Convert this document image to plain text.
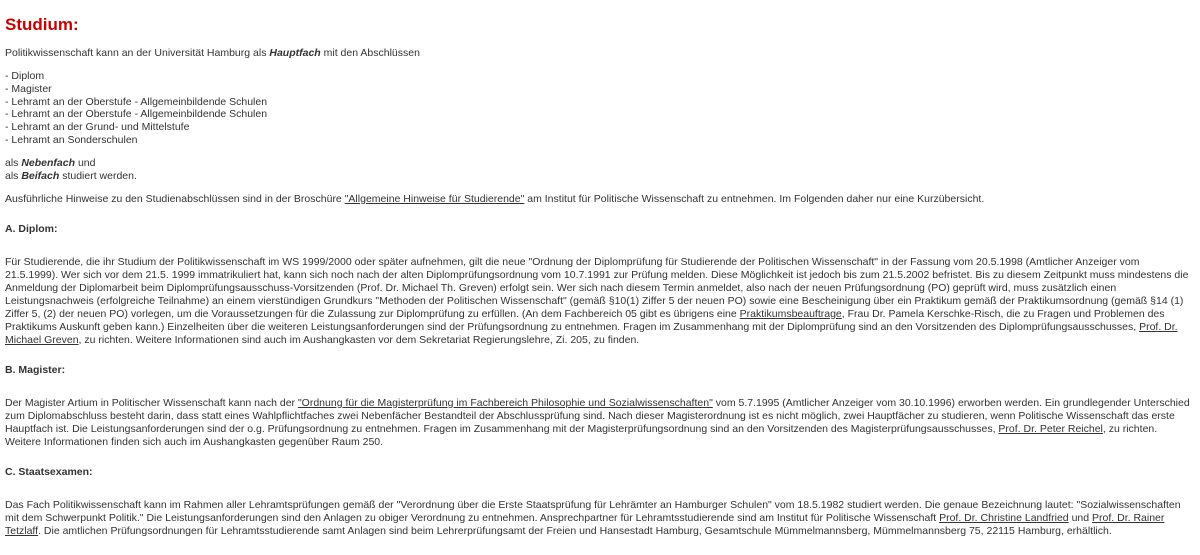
Studium:

Politikwissenschaft kann an der Universität Hamburg als Hauptfach mit den Abschlüssen

- Diplom
- Magister
- Lehramt an der Oberstufe - Allgemeinbildende Schulen
- Lehramt an der Oberstufe - Allgemeinbildende Schulen
- Lehramt an der Grund- und Mittelstufe
- Lehramt an Sonderschulen

als Nebenfach und
als Beifach studiert werden.

Ausführliche Hinweise zu den Studienabschlüssen sind in der Broschüre "Allgemeine Hinweise für Studierende" am Institut für Politische Wissenschaft zu entnehmen. Im Folgenden daher nur eine Kurzübersicht.

A. Diplom:

Für Studierende, die ihr Studium der Politikwissenschaft im WS 1999/2000 oder später aufnehmen, gilt die neue "Ordnung der Diplomprüfung für Studierende der Politischen Wissenschaft" in der Fassung vom 20.5.1998 (Amtlicher Anzeiger vom 21.5.1999). Wer sich vor dem 21.5. 1999 immatrikuliert hat, kann sich noch nach der alten Diplomprüfungsordnung vom 10.7.1991 zur Prüfung melden. Diese Möglichkeit ist jedoch bis zum 21.5.2002 befristet. Bis zu diesem Zeitpunkt muss mindestens die Anmeldung der Diplomarbeit beim Diplomprüfungsausschuss-Vorsitzenden (Prof. Dr. Michael Th. Greven) erfolgt sein. Wer sich nach diesem Termin anmeldet, also nach der neuen Prüfungsordnung (PO) geprüft wird, muss zusätzlich einen Leistungsnachweis (erfolgreiche Teilnahme) an einem vierstündigen Grundkurs "Methoden der Politischen Wissenschaft" (gemäß §10(1) Ziffer 5 der neuen PO) sowie eine Bescheinigung über ein Praktikum gemäß der Praktikumsordnung (gemäß §14 (1) Ziffer 5, (2) der neuen PO) vorlegen, um die Voraussetzungen für die Zulassung zur Diplomprüfung zu erfüllen. (An dem Fachbereich 05 gibt es übrigens eine Praktikumsbeauftrage, Frau Dr. Pamela Kerschke-Risch, die zu Fragen und Problemen des Praktikums Auskunft geben kann.) Einzelheiten über die weiteren Leistungsanforderungen sind der Prüfungsordnung zu entnehmen. Fragen im Zusammenhang mit der Diplomprüfung sind an den Vorsitzenden des Diplomprüfungsausschusses, Prof. Dr. Michael Greven, zu richten. Weitere Informationen sind auch im Aushangkasten vor dem Sekretariat Regierungslehre, Zi. 205, zu finden.

B. Magister:

Der Magister Artium in Politischer Wissenschaft kann nach der "Ordnung für die Magisterprüfung im Fachbereich Philosophie und Sozialwissenschaften" vom 5.7.1995 (Amtlicher Anzeiger vom 30.10.1996) erworben werden. Ein grundlegender Unterschied zum Diplomabschluss besteht darin, dass statt eines Wahlpflichtfaches zwei Nebenfächer Bestandteil der Abschlussprüfung sind. Nach dieser Magisterordnung ist es nicht möglich, zwei Hauptfächer zu studieren, wenn Politische Wissenschaft das erste Hauptfach ist. Die Leistungsanforderungen sind der o.g. Prüfungsordnung zu entnehmen. Fragen im Zusammenhang mit der Magisterprüfungsordnung sind an den Vorsitzenden des Magisterprüfungsausschusses, Prof. Dr. Peter Reichel, zu richten. Weitere Informationen finden sich auch im Aushangkasten gegenüber Raum 250.

C. Staatsexamen:

Das Fach Politikwissenschaft kann im Rahmen aller Lehramtsprüfungen gemäß der "Verordnung über die Erste Staatsprüfung für Lehrämter an Hamburger Schulen" vom 18.5.1982 studiert werden. Die genaue Bezeichnung lautet: "Sozialwissenschaften mit dem Schwerpunkt Politik." Die Leistungsanforderungen sind den Anlagen zu obiger Verordnung zu entnehmen. Ansprechpartner für Lehramtsstudierende sind am Institut für Politische Wissenschaft Prof. Dr. Christine Landfried und Prof. Dr. Rainer Tetzlaff. Die amtlichen Prüfungsordnungen für Lehramtsstudierende samt Anlagen sind beim Lehrerprüfungsamt der Freien und Hansestadt Hamburg, Gesamtschule Mümmelmannsberg, Mümmelmannsberg 75, 22115 Hamburg, erhältlich.
